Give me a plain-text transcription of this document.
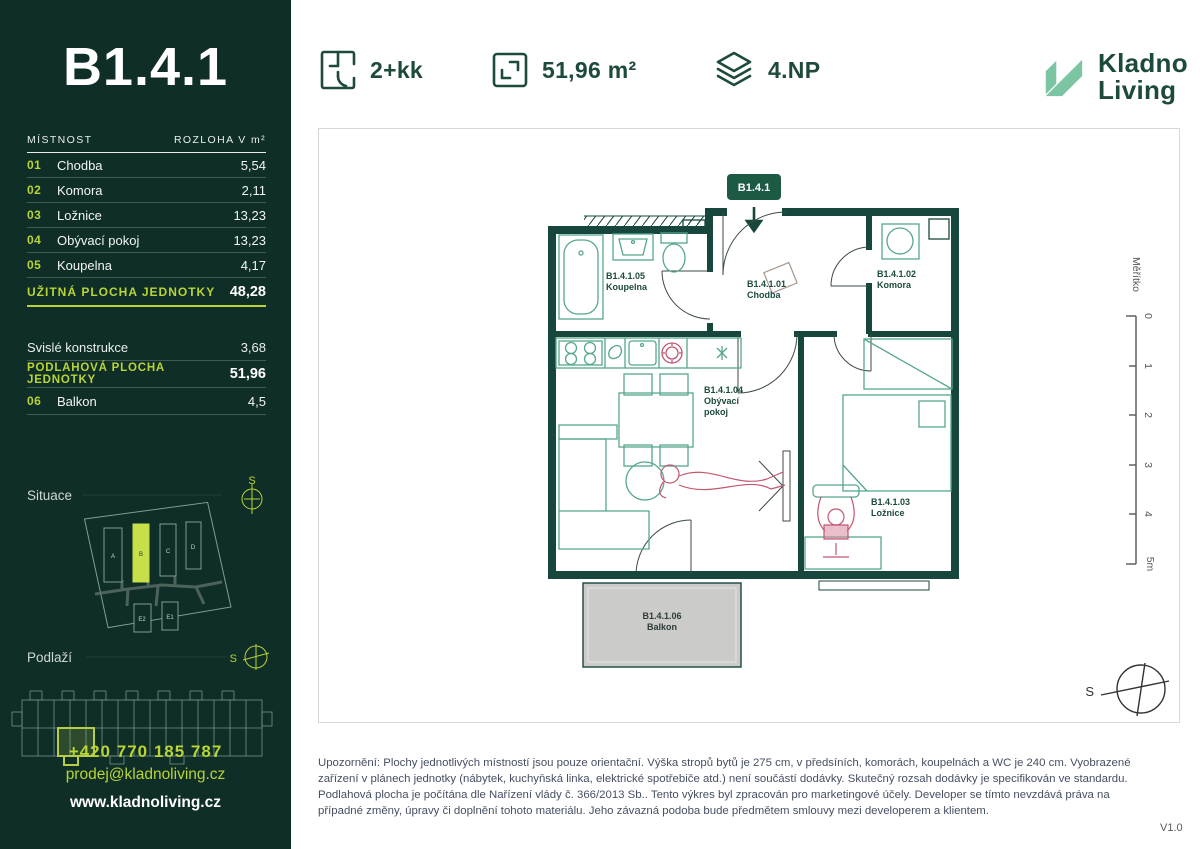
B1.4.1
MÍSTNOST	ROZLOHA V m²
01	Chodba	5,54
02	Komora	2,11
03	Ložnice	13,23
04	Obývací pokoj	13,23
05	Koupelna	4,17
UŽITNÁ PLOCHA JEDNOTKY 48,28
Svislé konstrukce	3,68
PODLAHOVÁ PLOCHA JEDNOTKY	51,96
06	Balkon	4,5
Situace
S
A	B	C
D
E2	E1
Podlaží	S
+420 770 185 787
prodej@kladnoliving.cz
www.kladnoliving.cz
2+kk	51,96 m²	4.NP	Kladno
Living
B1.4.1
B1.4.1.06
Balkon
B1.4.1.05
Koupelna	B1.4.1.01
Chodba
B1.4.1.02
Komora
B1.4.1.04
Obývací
pokoj
B1.4.1.03
Ložnice
Měřítko
0
1
2
3
4
5m
S
Upozornění: Plochy jednotlivých místností jsou pouze orientační. Výška stropů bytů je 275 cm, v předsíních, komorách, koupelnách a WC je 240 cm. Vyobrazené zařízení v plánech jednotky (nábytek, kuchyňská linka, elektrické spotřebiče atd.) není součástí dodávky. Skutečný rozsah dodávky je specifikován ve standardu. Podlahová plocha je počítána dle Nařízení vlády č. 366/2013 Sb.. Tento výkres byl zpracován pro marketingové účely. Developer se tímto nevzdává práva na případné změny, úpravy či doplnění tohoto materiálu. Jeho závazná podoba bude předmětem smlouvy mezi developerem a klientem.
V1.0
